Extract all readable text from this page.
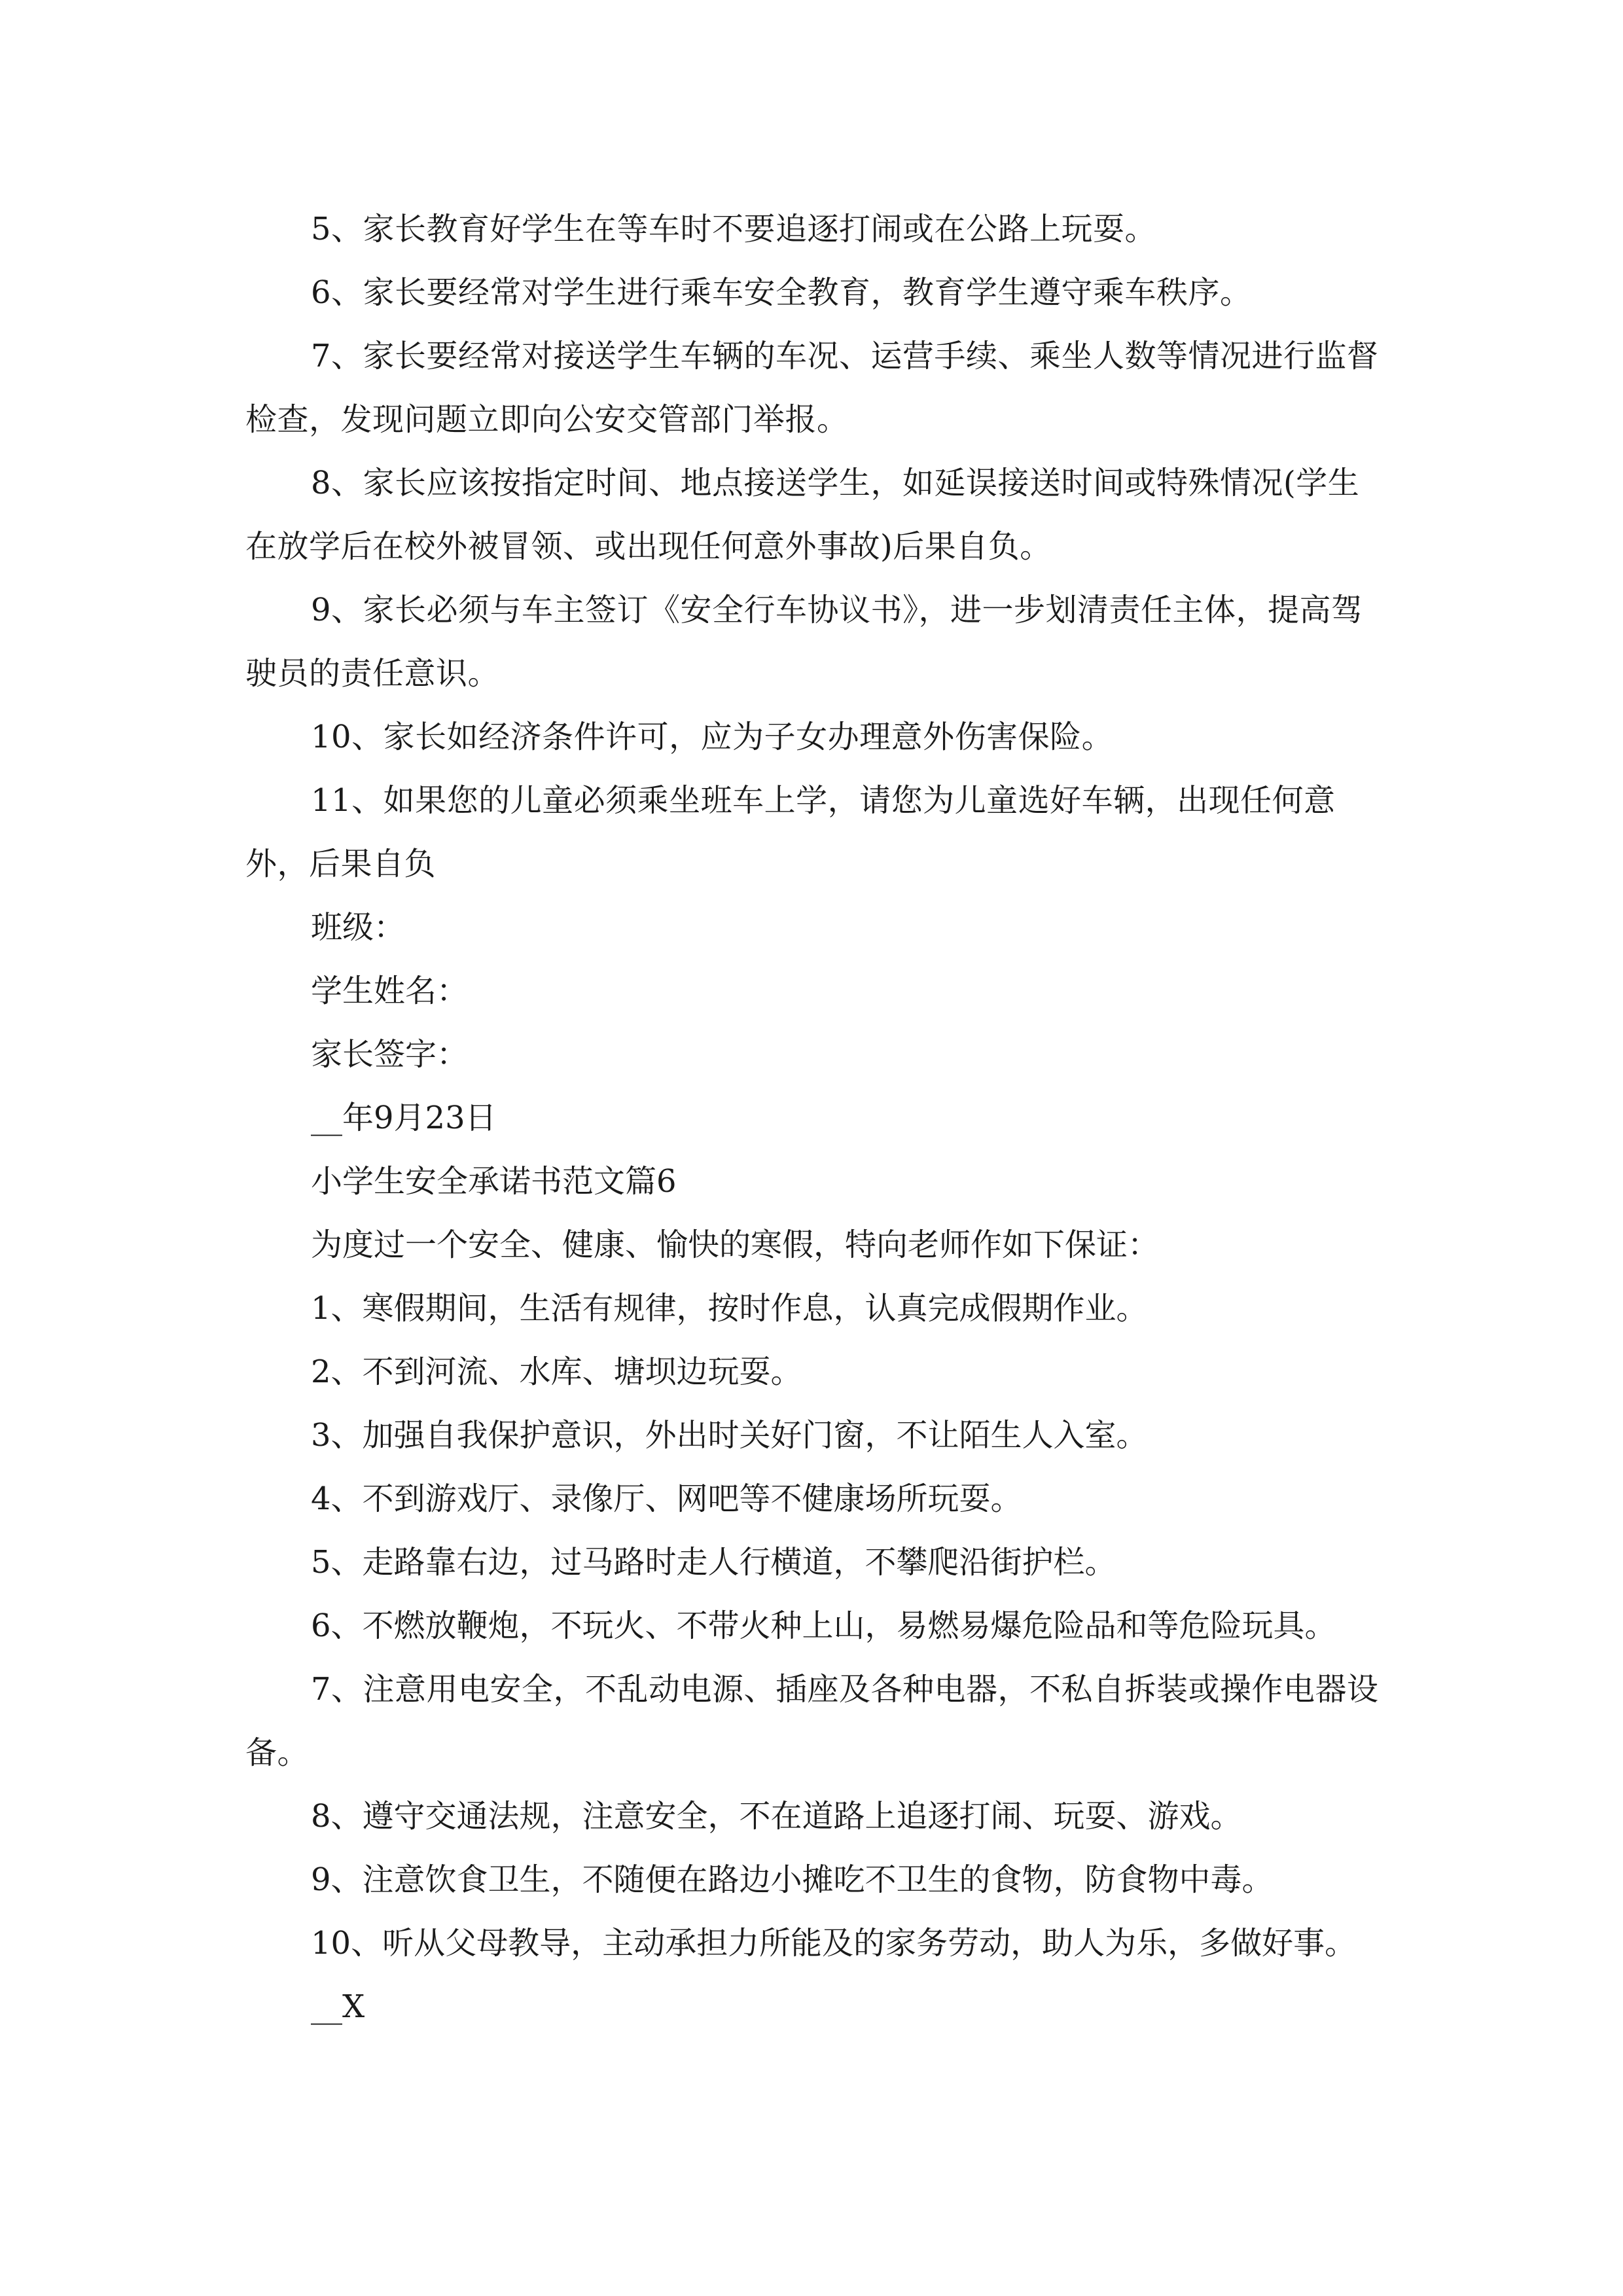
5、家长教育好学生在等车时不要追逐打闹或在公路上玩耍。

6、家长要经常对学生进行乘车安全教育，教育学生遵守乘车秩序。

7、家长要经常对接送学生车辆的车况、运营手续、乘坐人数等情况进行监督检查，发现问题立即向公安交管部门举报。

8、家长应该按指定时间、地点接送学生，如延误接送时间或特殊情况(学生在放学后在校外被冒领、或出现任何意外事故)后果自负。

9、家长必须与车主签订《安全行车协议书》，进一步划清责任主体，提高驾驶员的责任意识。

10、家长如经济条件许可，应为子女办理意外伤害保险。

11、如果您的儿童必须乘坐班车上学，请您为儿童选好车辆，出现任何意外，后果自负

班级：

学生姓名：

家长签字：

__年9月23日

小学生安全承诺书范文篇6

为度过一个安全、健康、愉快的寒假，特向老师作如下保证：

1、寒假期间，生活有规律，按时作息，认真完成假期作业。

2、不到河流、水库、塘坝边玩耍。

3、加强自我保护意识，外出时关好门窗，不让陌生人入室。

4、不到游戏厅、录像厅、网吧等不健康场所玩耍。

5、走路靠右边，过马路时走人行横道，不攀爬沿街护栏。

6、不燃放鞭炮，不玩火、不带火种上山，易燃易爆危险品和等危险玩具。

7、注意用电安全，不乱动电源、插座及各种电器，不私自拆装或操作电器设备。

8、遵守交通法规，注意安全，不在道路上追逐打闹、玩耍、游戏。

9、注意饮食卫生，不随便在路边小摊吃不卫生的食物，防食物中毒。

10、听从父母教导，主动承担力所能及的家务劳动，助人为乐，多做好事。

__X
